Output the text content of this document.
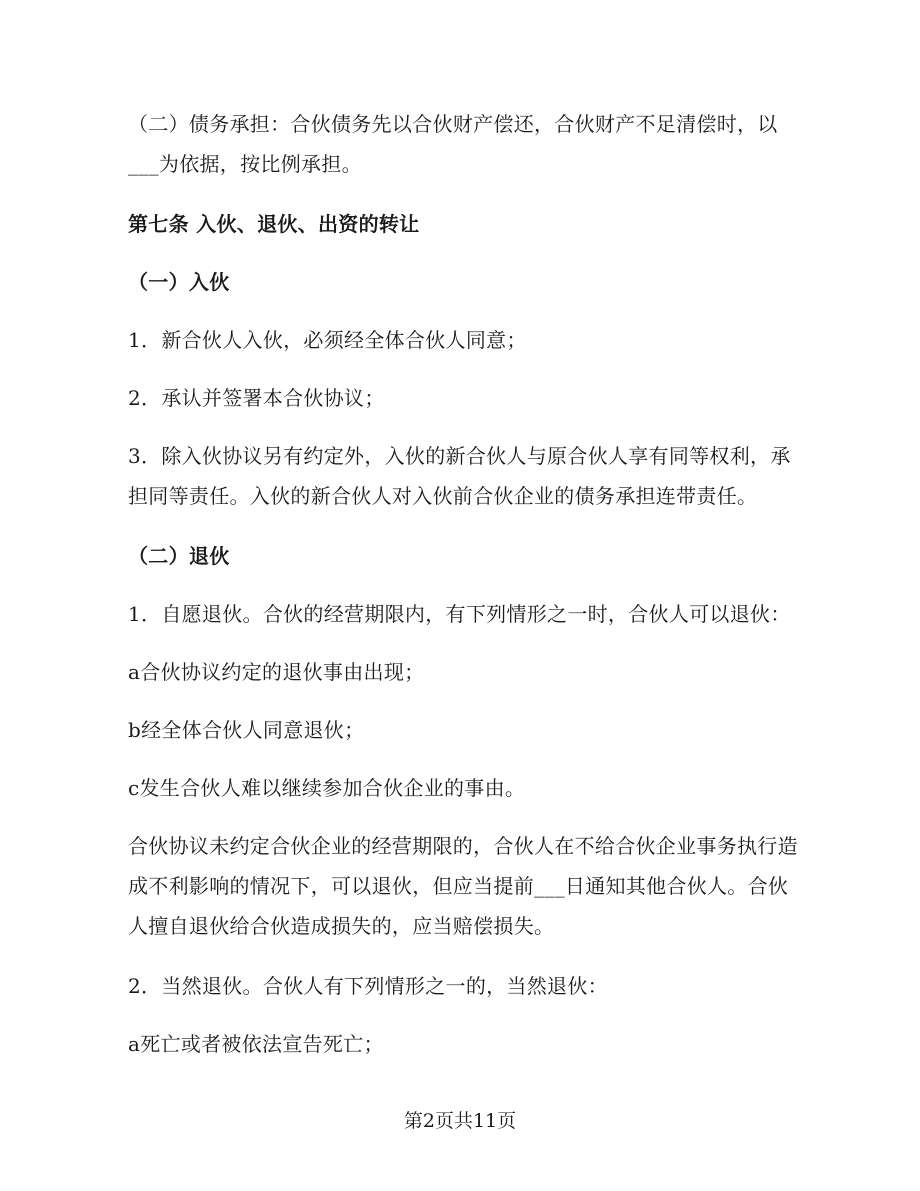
（二）债务承担：合伙债务先以合伙财产偿还，合伙财产不足清偿时，以___为依据，按比例承担。

第七条 入伙、退伙、出资的转让

（一）入伙

1．新合伙人入伙，必须经全体合伙人同意；

2．承认并签署本合伙协议；

3．除入伙协议另有约定外，入伙的新合伙人与原合伙人享有同等权利，承担同等责任。入伙的新合伙人对入伙前合伙企业的债务承担连带责任。

（二）退伙

1．自愿退伙。合伙的经营期限内，有下列情形之一时，合伙人可以退伙：

a合伙协议约定的退伙事由出现；

b经全体合伙人同意退伙；

c发生合伙人难以继续参加合伙企业的事由。

合伙协议未约定合伙企业的经营期限的，合伙人在不给合伙企业事务执行造成不利影响的情况下，可以退伙，但应当提前___日通知其他合伙人。合伙人擅自退伙给合伙造成损失的，应当赔偿损失。

2．当然退伙。合伙人有下列情形之一的，当然退伙：

a死亡或者被依法宣告死亡；

第2页共11页
